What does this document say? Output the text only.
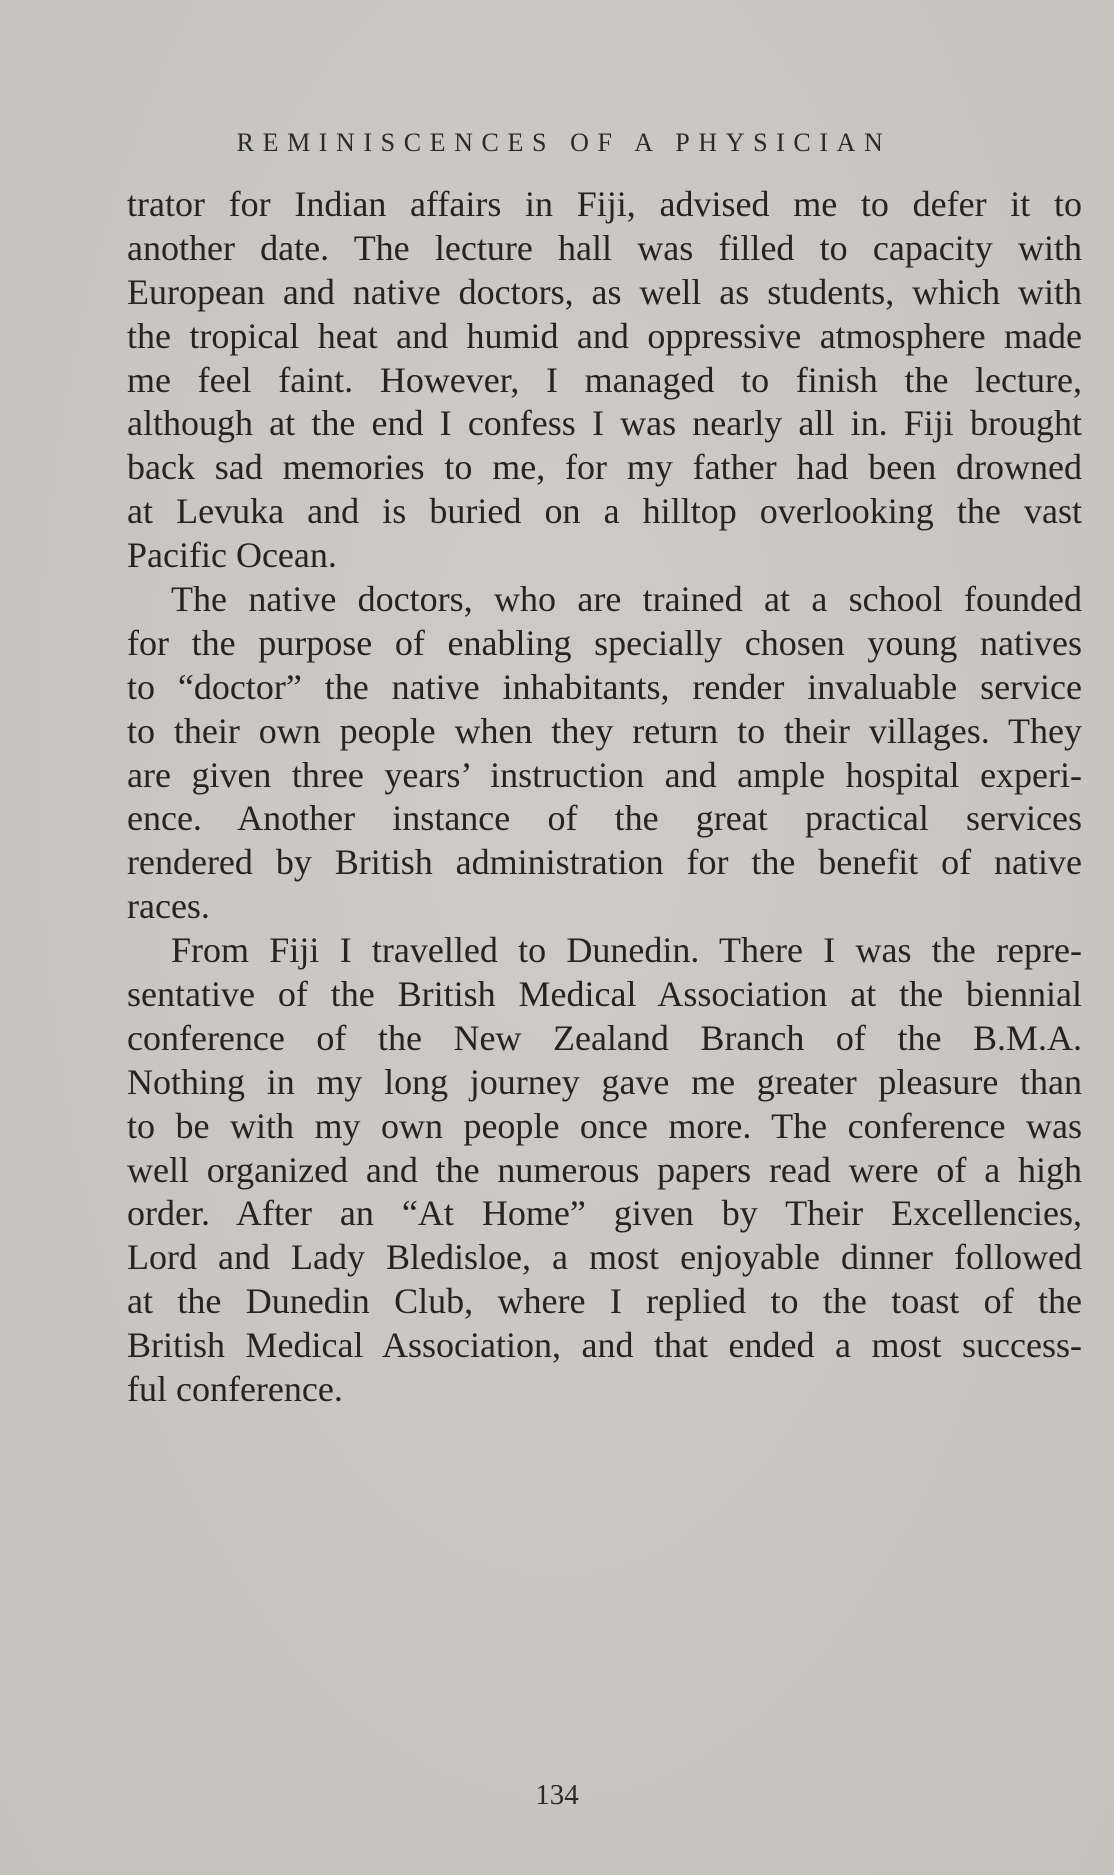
REMINISCENCES OF A PHYSICIAN
trator for Indian affairs in Fiji, advised me to defer it to
another date. The lecture hall was filled to capacity with
European and native doctors, as well as students, which with
the tropical heat and humid and oppressive atmosphere made
me feel faint. However, I managed to finish the lecture,
although at the end I confess I was nearly all in. Fiji brought
back sad memories to me, for my father had been drowned
at Levuka and is buried on a hilltop overlooking the vast
Pacific Ocean.
The native doctors, who are trained at a school founded
for the purpose of enabling specially chosen young natives
to “doctor” the native inhabitants, render invaluable service
to their own people when they return to their villages. They
are given three years’ instruction and ample hospital experi-
ence. Another instance of the great practical services
rendered by British administration for the benefit of native
races.
From Fiji I travelled to Dunedin. There I was the repre-
sentative of the British Medical Association at the biennial
conference of the New Zealand Branch of the B.M.A.
Nothing in my long journey gave me greater pleasure than
to be with my own people once more. The conference was
well organized and the numerous papers read were of a high
order. After an “At Home” given by Their Excellencies,
Lord and Lady Bledisloe, a most enjoyable dinner followed
at the Dunedin Club, where I replied to the toast of the
British Medical Association, and that ended a most success-
ful conference.
134
